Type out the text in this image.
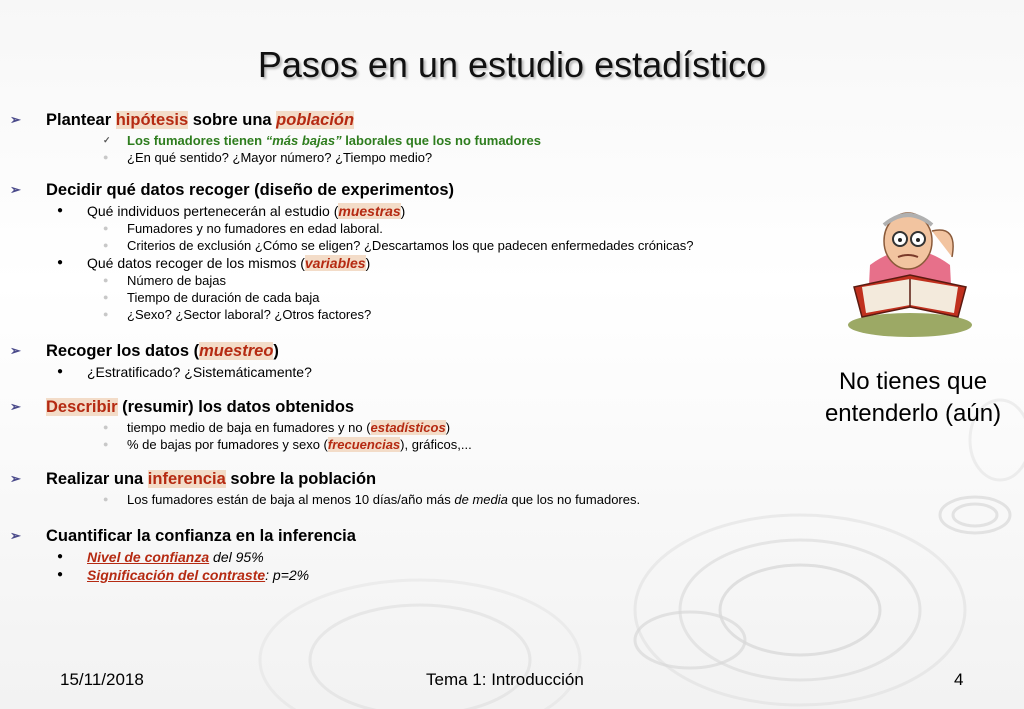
Pasos en un estudio estadístico
➢ Plantear hipótesis sobre una población
✓ Los fumadores tienen “más bajas” laborales que los no fumadores
● ¿En qué sentido? ¿Mayor número? ¿Tiempo medio?
➢ Decidir qué datos recoger (diseño de experimentos)
● Qué individuos pertenecerán al estudio (muestras)
● Fumadores y no fumadores en edad laboral.
● Criterios de exclusión ¿Cómo se eligen? ¿Descartamos los que padecen enfermedades crónicas?
● Qué datos recoger de los mismos (variables)
● Número de bajas
● Tiempo de duración de cada baja
● ¿Sexo? ¿Sector laboral? ¿Otros factores?
➢ Recoger los datos (muestreo)
● ¿Estratificado? ¿Sistemáticamente?
➢ Describir (resumir) los datos obtenidos
● tiempo medio de baja en fumadores y no (estadísticos)
● % de bajas por fumadores y sexo (frecuencias), gráficos,...
➢ Realizar una inferencia sobre la población
● Los fumadores están de baja al menos 10 días/año más de media que los no fumadores.
➢ Cuantificar la confianza en la inferencia
● Nivel de confianza del 95%
● Significación del contraste: p=2%
No tienes que
entenderlo (aún)
15/11/2018	Tema 1: Introducción	4
